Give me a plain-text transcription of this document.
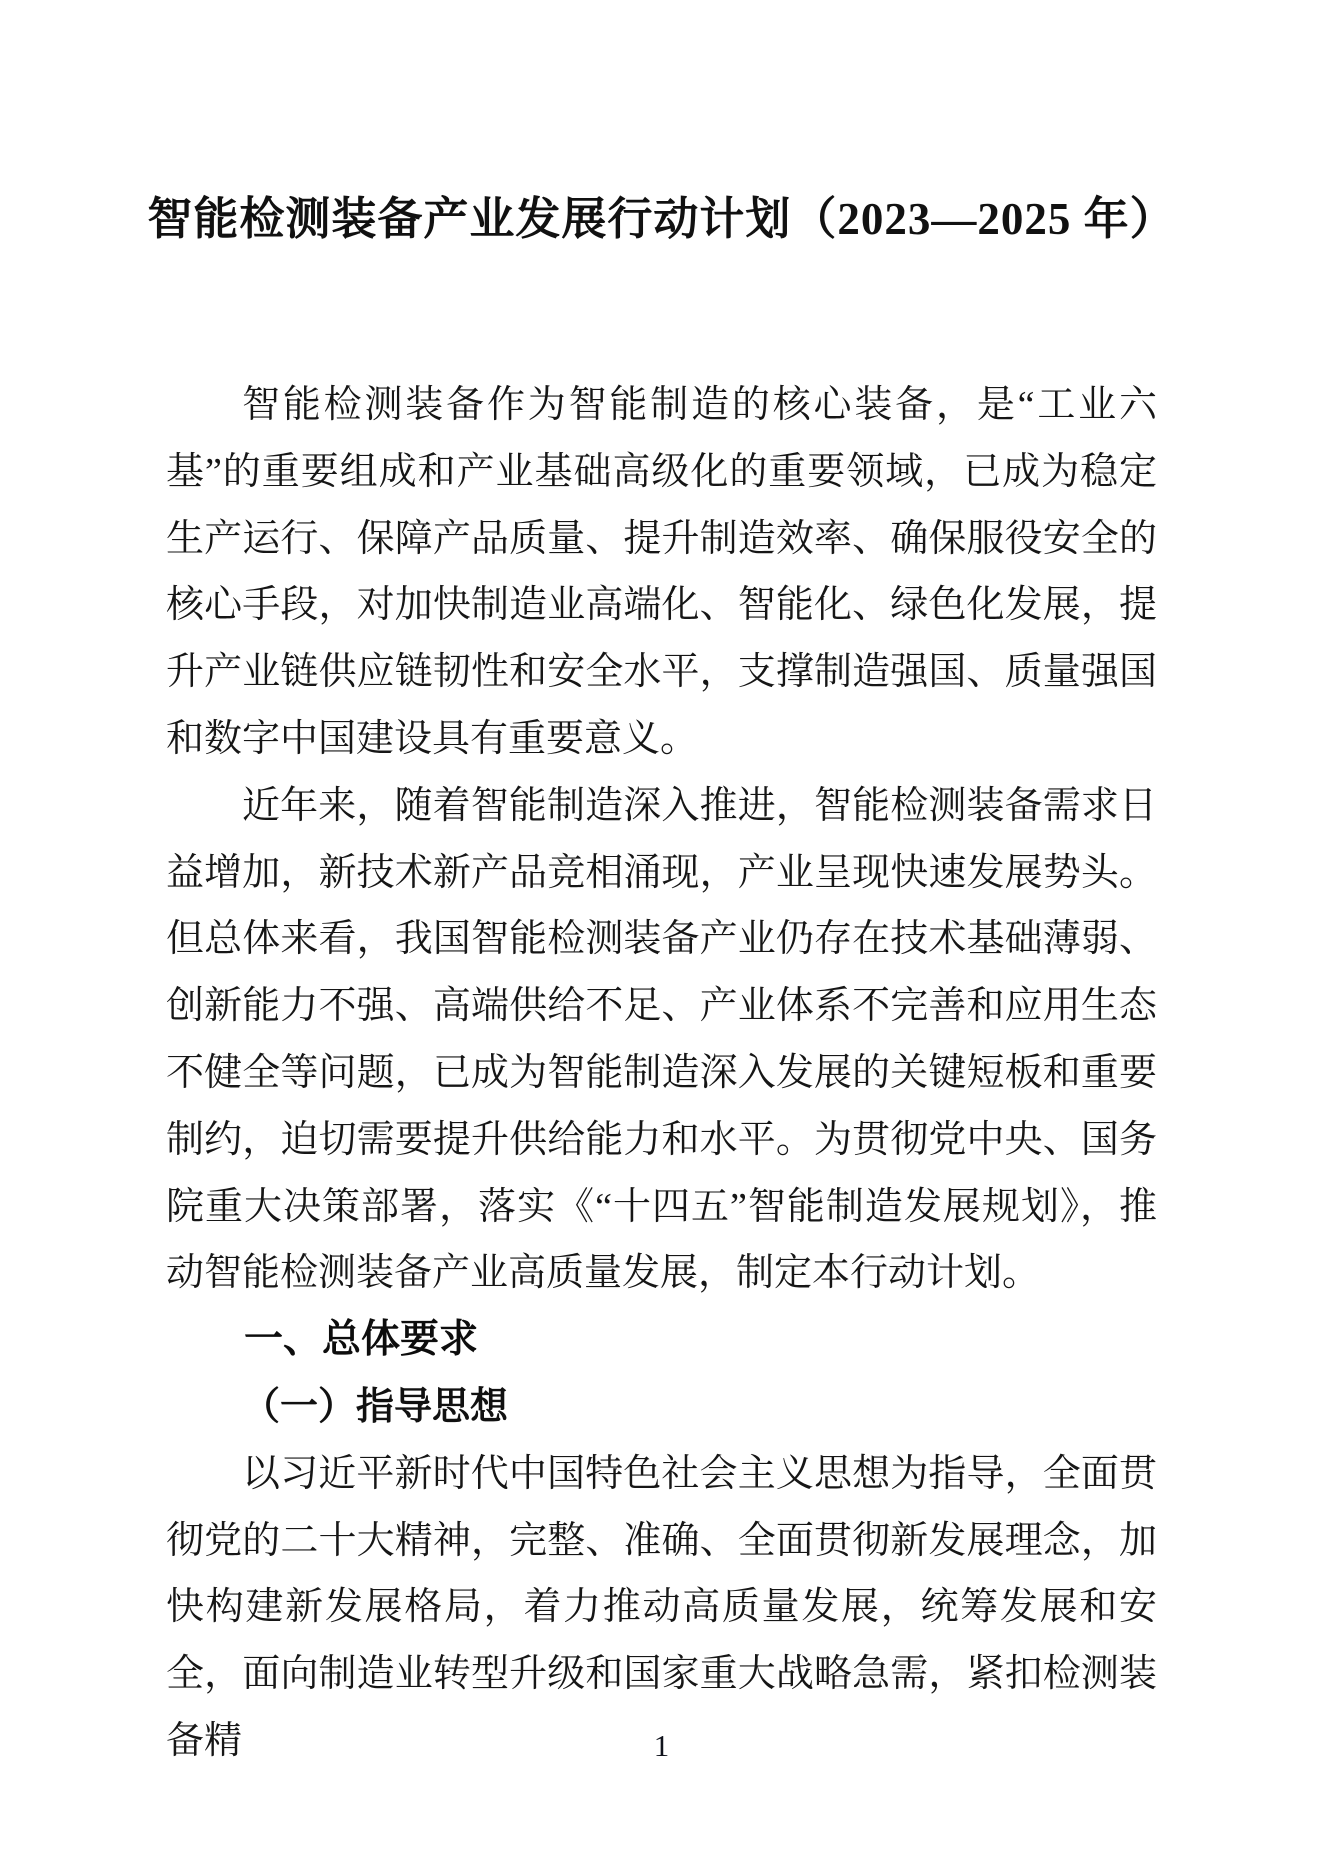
智能检测装备产业发展行动计划（2023—2025 年）

智能检测装备作为智能制造的核心装备，是“工业六基”的重要组成和产业基础高级化的重要领域，已成为稳定生产运行、保障产品质量、提升制造效率、确保服役安全的核心手段，对加快制造业高端化、智能化、绿色化发展，提升产业链供应链韧性和安全水平，支撑制造强国、质量强国和数字中国建设具有重要意义。

近年来，随着智能制造深入推进，智能检测装备需求日益增加，新技术新产品竞相涌现，产业呈现快速发展势头。但总体来看，我国智能检测装备产业仍存在技术基础薄弱、创新能力不强、高端供给不足、产业体系不完善和应用生态不健全等问题，已成为智能制造深入发展的关键短板和重要制约，迫切需要提升供给能力和水平。为贯彻党中央、国务院重大决策部署，落实《“十四五”智能制造发展规划》，推动智能检测装备产业高质量发展，制定本行动计划。

一、总体要求
（一）指导思想

以习近平新时代中国特色社会主义思想为指导，全面贯彻党的二十大精神，完整、准确、全面贯彻新发展理念，加快构建新发展格局，着力推动高质量发展，统筹发展和安全，面向制造业转型升级和国家重大战略急需，紧扣检测装备精	1
